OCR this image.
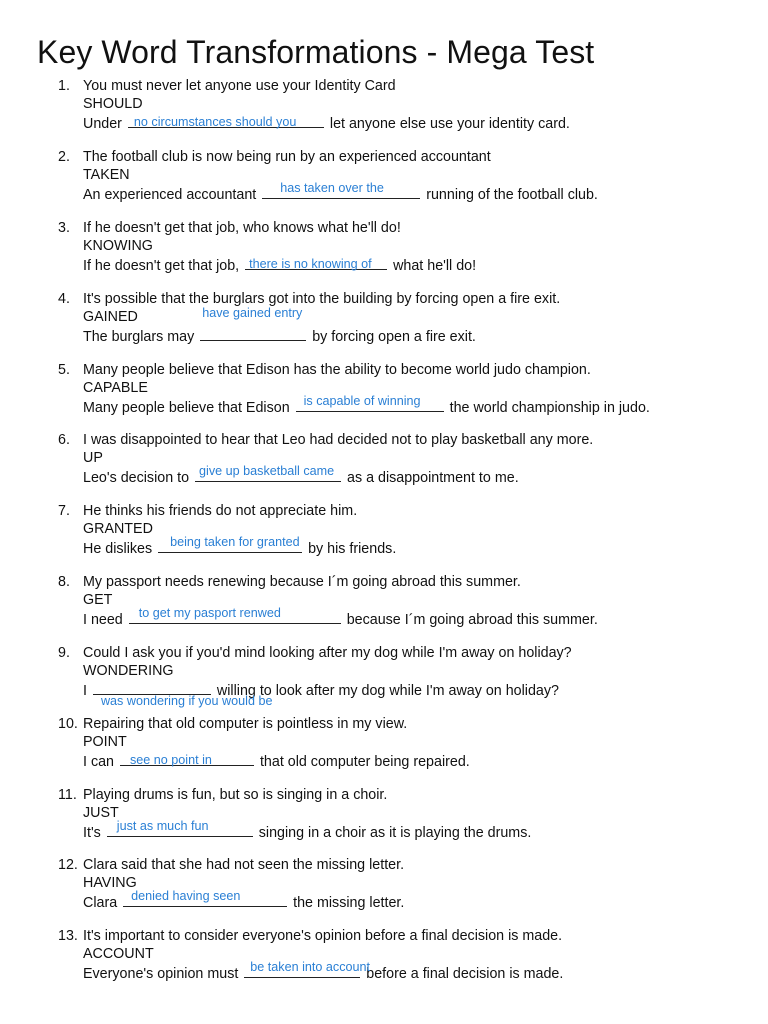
Key Word Transformations - Mega Test
1. You must never let anyone use your Identity Card
SHOULD
Under no circumstances should you let anyone else use your identity card.
2. The football club is now being run by an experienced accountant
TAKEN
An experienced accountant has taken over the	running of the football club.
3. If he doesn't get that job, who knows what he'll do!
KNOWING
If he doesn't get that job, there is no knowing of what he'll do!
4. It's possible that the burglars got into the building by forcing open a fire exit.
GAINED
The burglars may
have gained entry
by forcing open a fire exit.
5. Many people believe that Edison has the ability to become world judo champion.
CAPABLE
Many people believe that Edison is capable of winning the world championship in judo.
6. I was disappointed to hear that Leo had decided not to play basketball any more.
UP
Leo's decision to give up basketball came as a disappointment to me.
7. He thinks his friends do not appreciate him.
GRANTED
He dislikes being taken for granted by his friends.
8. My passport needs renewing because I´m going abroad this summer.
GET
I need to get my pasport renwed	because I´m going abroad this summer.
9. Could I ask you if you'd mind looking after my dog while I'm away on holiday?
WONDERING
I
was wondering if you would be
willing to look after my dog while I'm away on holiday?
10. Repairing that old computer is pointless in my view.
POINT
I can see no point in	that old computer being repaired.
11. Playing drums is fun, but so is singing in a choir.
JUST
It's just as much fun	singing in a choir as it is playing the drums.
12. Clara said that she had not seen the missing letter.
HAVING
Clara denied having seen	the missing letter.
13. It's important to consider everyone's opinion before a final decision is made.
ACCOUNT
Everyone's opinion must be taken into account
before a final decision is made.
